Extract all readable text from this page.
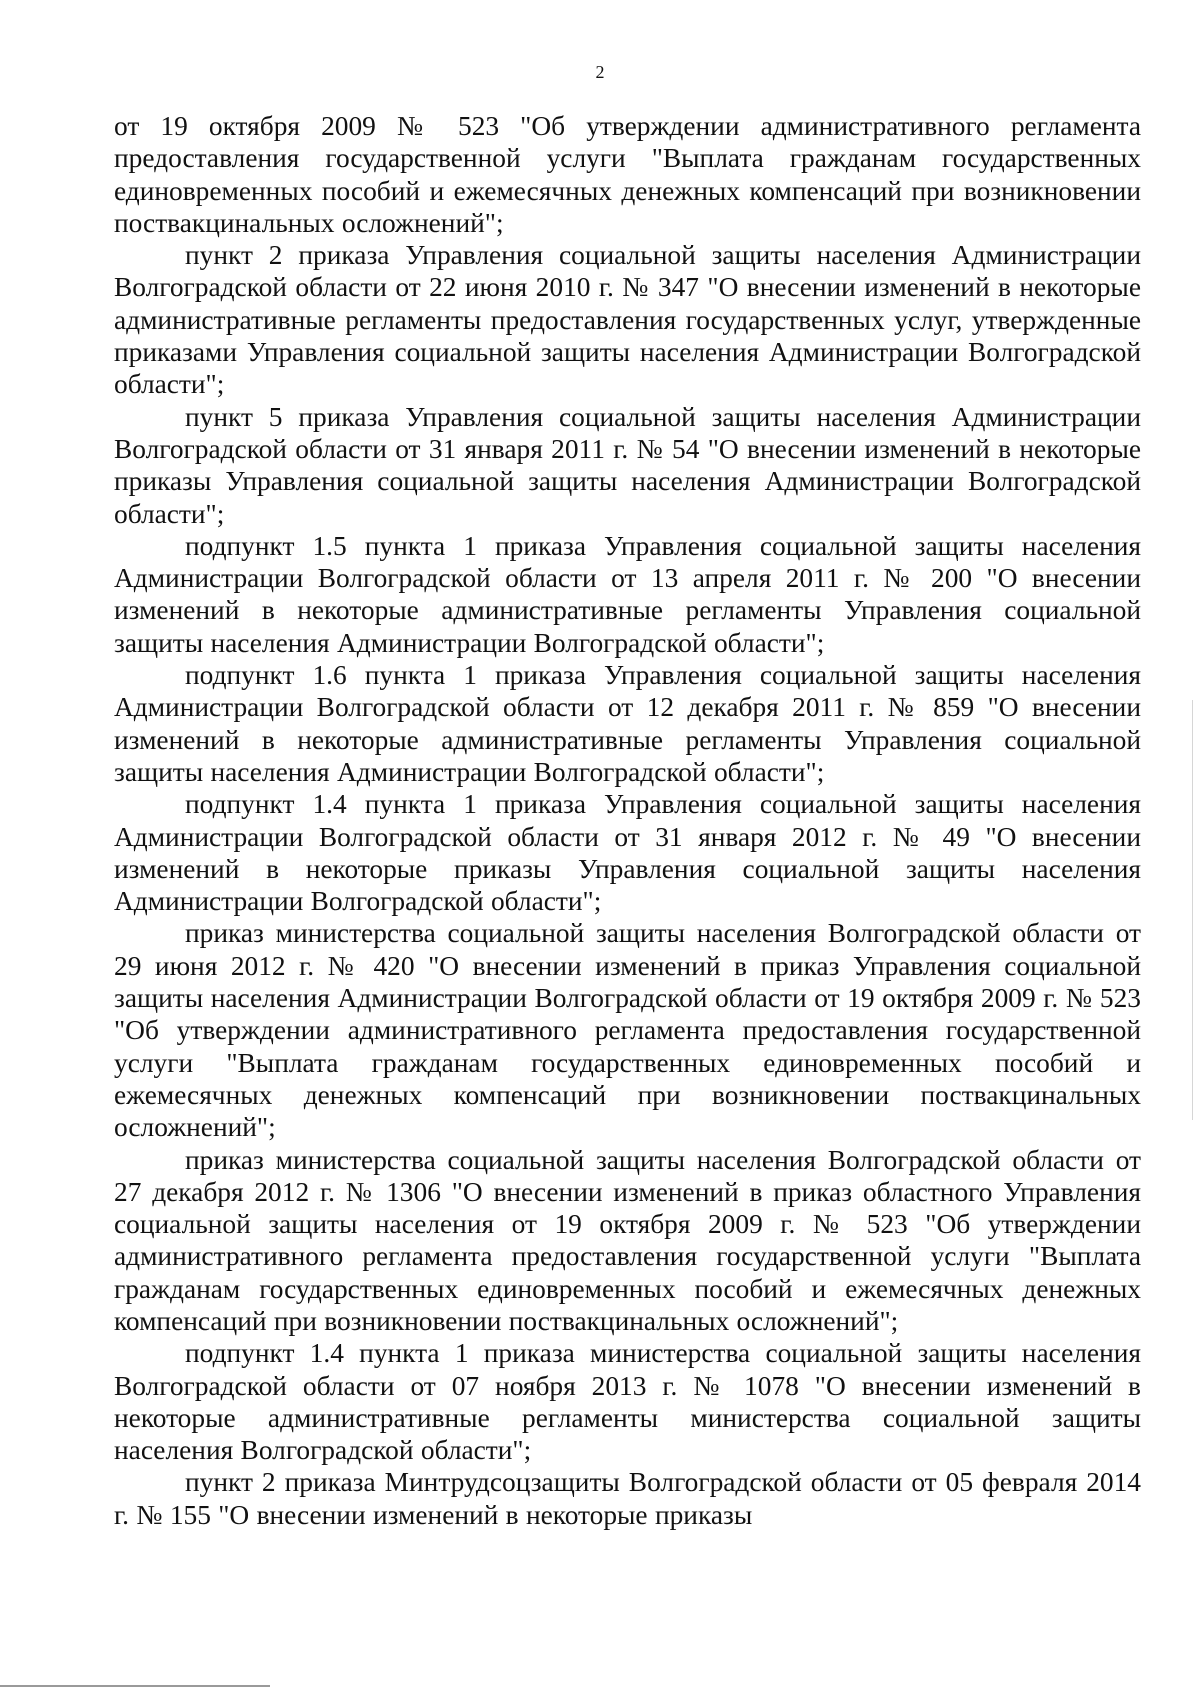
2

от 19 октября 2009 № 523 "Об утверждении административного регламента предоставления государственной услуги "Выплата гражданам государственных единовременных пособий и ежемесячных денежных компенсаций при возникновении поствакцинальных осложнений";

пункт 2 приказа Управления социальной защиты населения Администрации Волгоградской области от 22 июня 2010 г. № 347 "О внесении изменений в некоторые административные регламенты предоставления государственных услуг, утвержденные приказами Управления социальной защиты населения Администрации Волгоградской области";

пункт 5 приказа Управления социальной защиты населения Администрации Волгоградской области от 31 января 2011 г. № 54 "О внесении изменений в некоторые приказы Управления социальной защиты населения Администрации Волгоградской области";

подпункт 1.5 пункта 1 приказа Управления социальной защиты населения Администрации Волгоградской области от 13 апреля 2011 г. № 200 "О внесении изменений в некоторые административные регламенты Управления социальной защиты населения Администрации Волгоградской области";

подпункт 1.6 пункта 1 приказа Управления социальной защиты населения Администрации Волгоградской области от 12 декабря 2011 г. № 859 "О внесении изменений в некоторые административные регламенты Управления социальной защиты населения Администрации Волгоградской области";

подпункт 1.4 пункта 1 приказа Управления социальной защиты населения Администрации Волгоградской области от 31 января 2012 г. № 49 "О внесении изменений в некоторые приказы Управления социальной защиты населения Администрации Волгоградской области";

приказ министерства социальной защиты населения Волгоградской области от 29 июня 2012 г. № 420 "О внесении изменений в приказ Управления социальной защиты населения Администрации Волгоградской области от 19 октября 2009 г. № 523 "Об утверждении административного регламента предоставления государственной услуги "Выплата гражданам государственных единовременных пособий и ежемесячных денежных компенсаций при возникновении поствакцинальных осложнений";

приказ министерства социальной защиты населения Волгоградской области от 27 декабря 2012 г. № 1306 "О внесении изменений в приказ областного Управления социальной защиты населения от 19 октября 2009 г. № 523 "Об утверждении административного регламента предоставления государственной услуги "Выплата гражданам государственных единовременных пособий и ежемесячных денежных компенсаций при возникновении поствакцинальных осложнений";

подпункт 1.4 пункта 1 приказа министерства социальной защиты населения Волгоградской области от 07 ноября 2013 г. № 1078 "О внесении изменений в некоторые административные регламенты министерства социальной защиты населения Волгоградской области";

пункт 2 приказа Минтрудсоцзащиты Волгоградской области от 05 февраля 2014 г. № 155 "О внесении изменений в некоторые приказы
